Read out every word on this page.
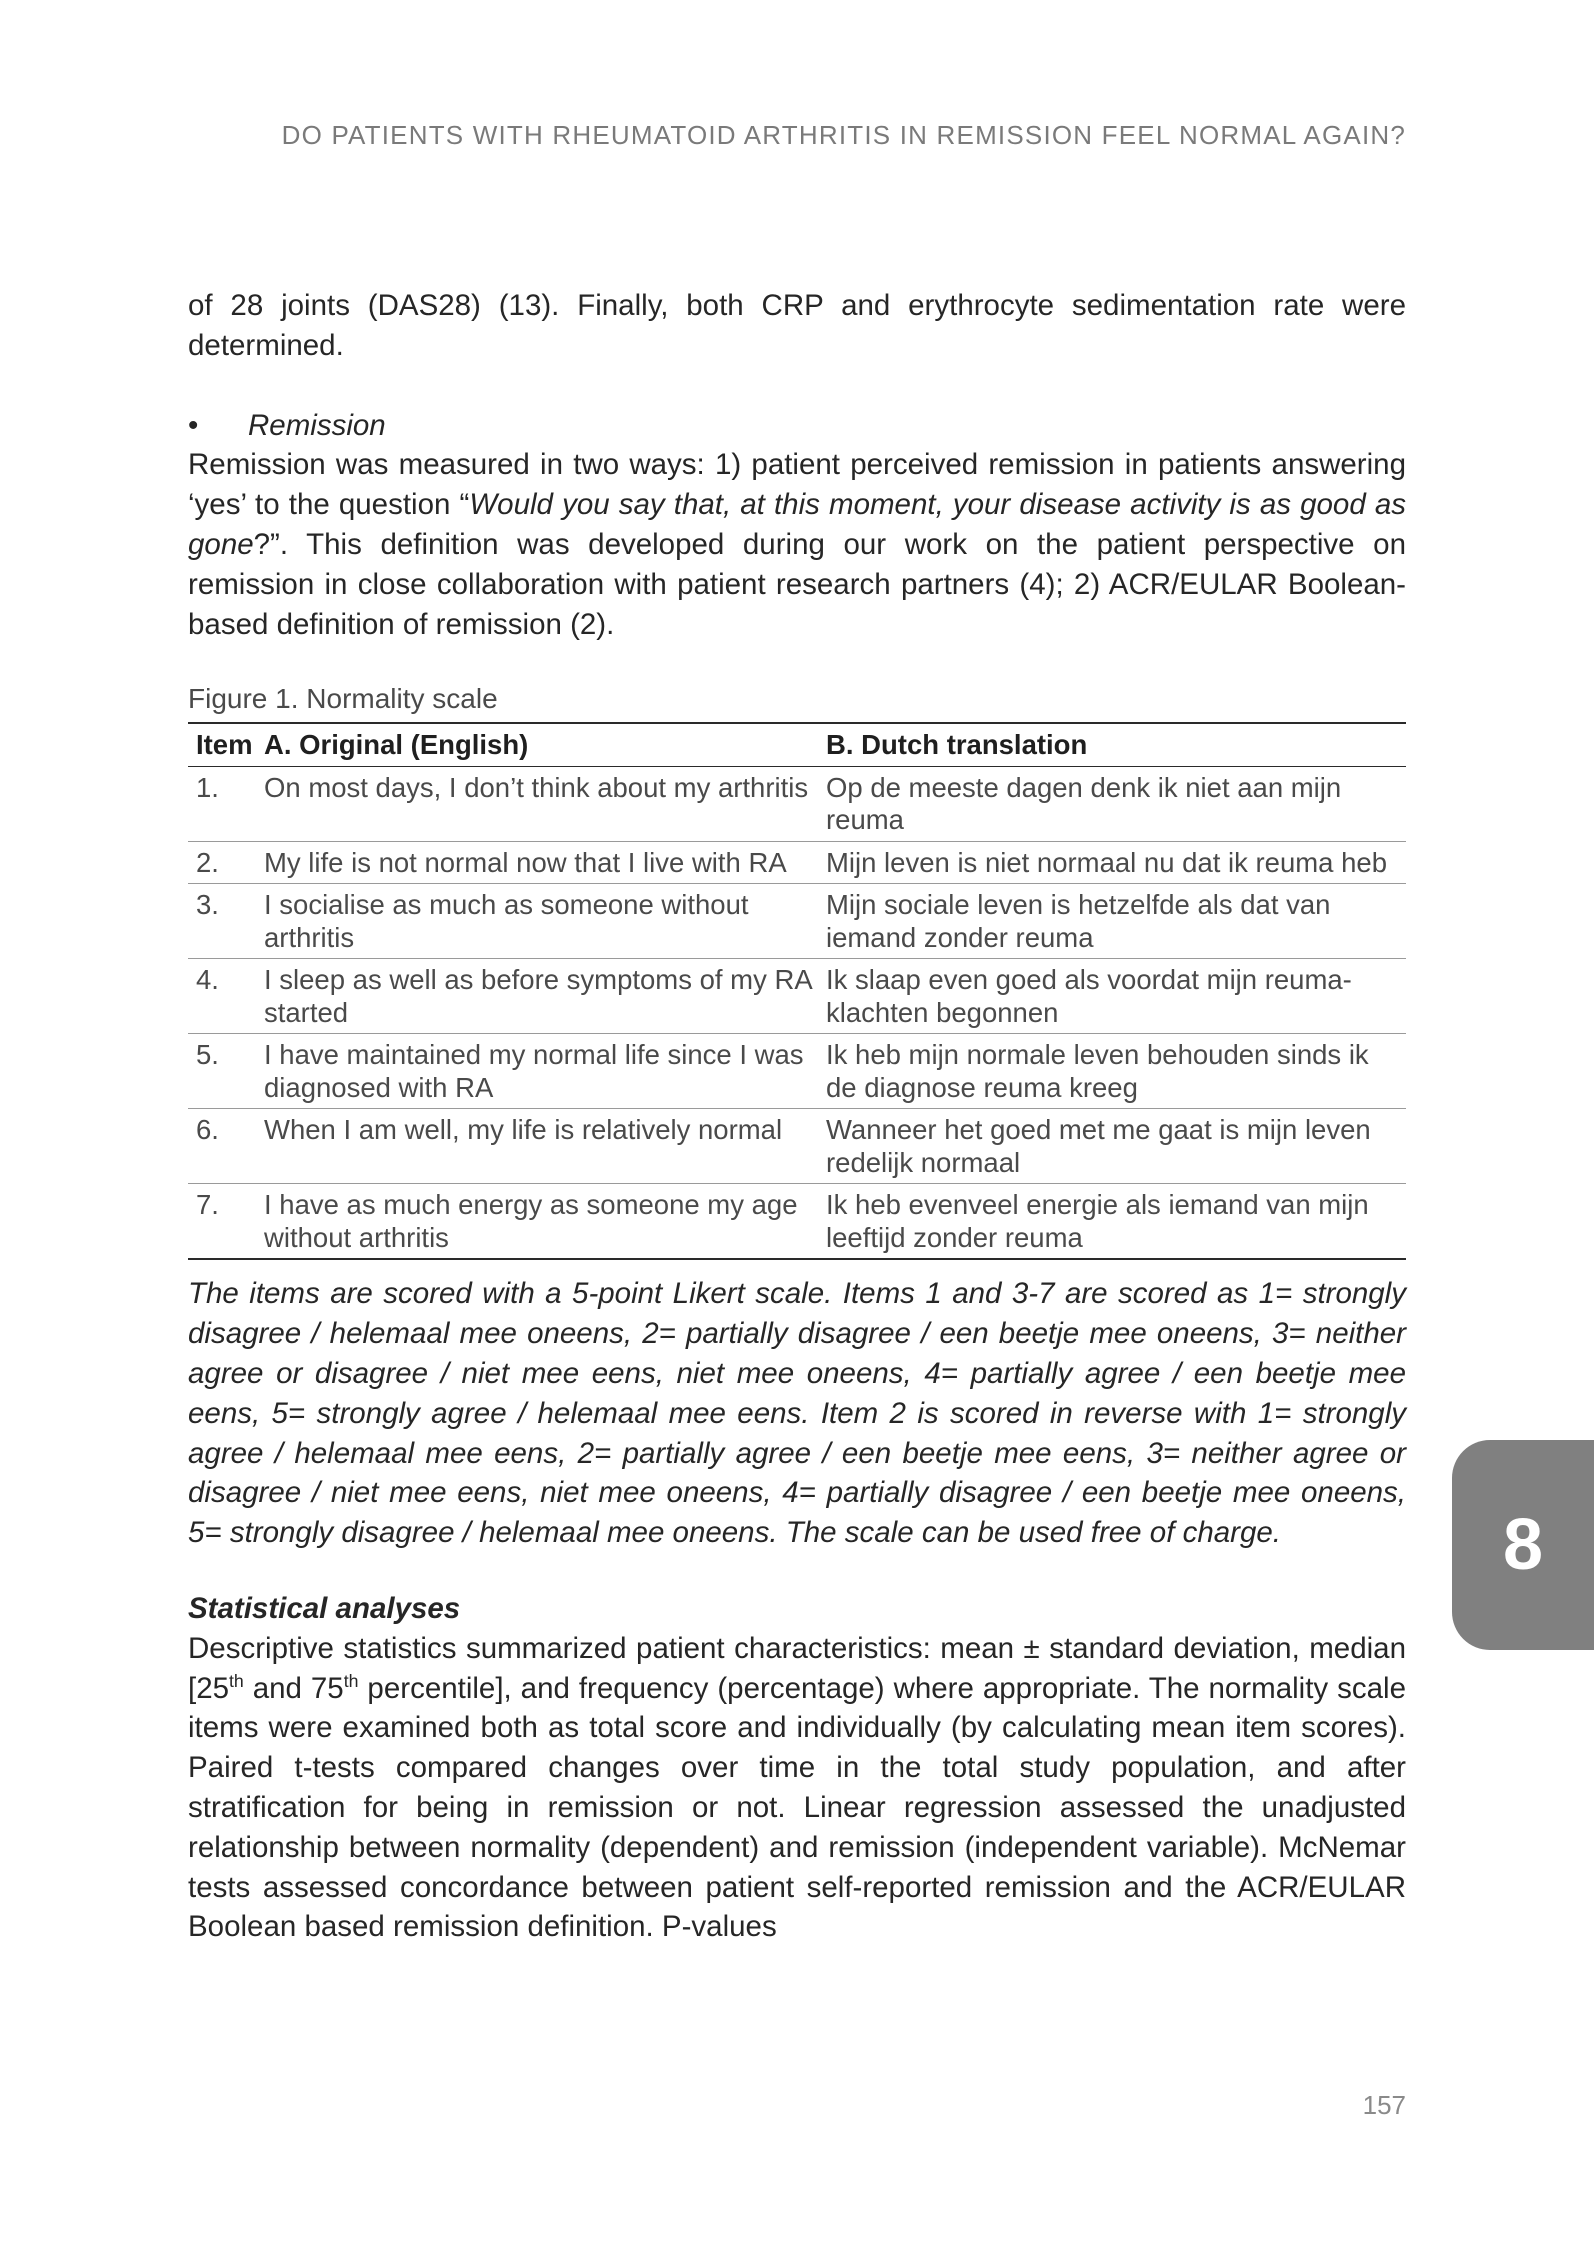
DO PATIENTS WITH RHEUMATOID ARTHRITIS IN REMISSION FEEL NORMAL AGAIN?

of 28 joints (DAS28) (13). Finally, both CRP and erythrocyte sedimentation rate were determined.

•	Remission

Remission was measured in two ways: 1) patient perceived remission in patients answering ‘yes’ to the question “Would you say that, at this moment, your disease activity is as good as gone?”. This definition was developed during our work on the patient perspective on remission in close collaboration with patient research partners (4); 2) ACR/EULAR Boolean-based definition of remission (2).

Figure 1. Normality scale
Item	A. Original (English)	B. Dutch translation
1.	On most days, I don’t think about my arthritis	Op de meeste dagen denk ik niet aan mijn reuma
2.	My life is not normal now that I live with RA	Mijn leven is niet normaal nu dat ik reuma heb
3.	I socialise as much as someone without arthritis	Mijn sociale leven is hetzelfde als dat van iemand zonder reuma
4.	I sleep as well as before symptoms of my RA started	Ik slaap even goed als voordat mijn reuma-klachten begonnen
5.	I have maintained my normal life since I was diagnosed with RA	Ik heb mijn normale leven behouden sinds ik de diagnose reuma kreeg
6.	When I am well, my life is relatively normal	Wanneer het goed met me gaat is mijn leven redelijk normaal
7.	I have as much energy as someone my age without arthritis	Ik heb evenveel energie als iemand van mijn leeftijd zonder reuma

The items are scored with a 5-point Likert scale. Items 1 and 3-7 are scored as 1= strongly disagree / helemaal mee oneens, 2= partially disagree / een beetje mee oneens, 3= neither agree or disagree / niet mee eens, niet mee oneens, 4= partially agree / een beetje mee eens, 5= strongly agree / helemaal mee eens. Item 2 is scored in reverse with 1= strongly agree / helemaal mee eens, 2= partially agree / een beetje mee eens, 3= neither agree or disagree / niet mee eens, niet mee oneens, 4= partially disagree / een beetje mee oneens, 5= strongly disagree / helemaal mee oneens. The scale can be used free of charge.

Statistical analyses

Descriptive statistics summarized patient characteristics: mean ± standard deviation, median [25th and 75th percentile], and frequency (percentage) where appropriate. The normality scale items were examined both as total score and individually (by calculating mean item scores). Paired t-tests compared changes over time in the total study population, and after stratification for being in remission or not. Linear regression assessed the unadjusted relationship between normality (dependent) and remission (independent variable). McNemar tests assessed concordance between patient self-reported remission and the ACR/EULAR Boolean based remission definition. P-values

8
157
